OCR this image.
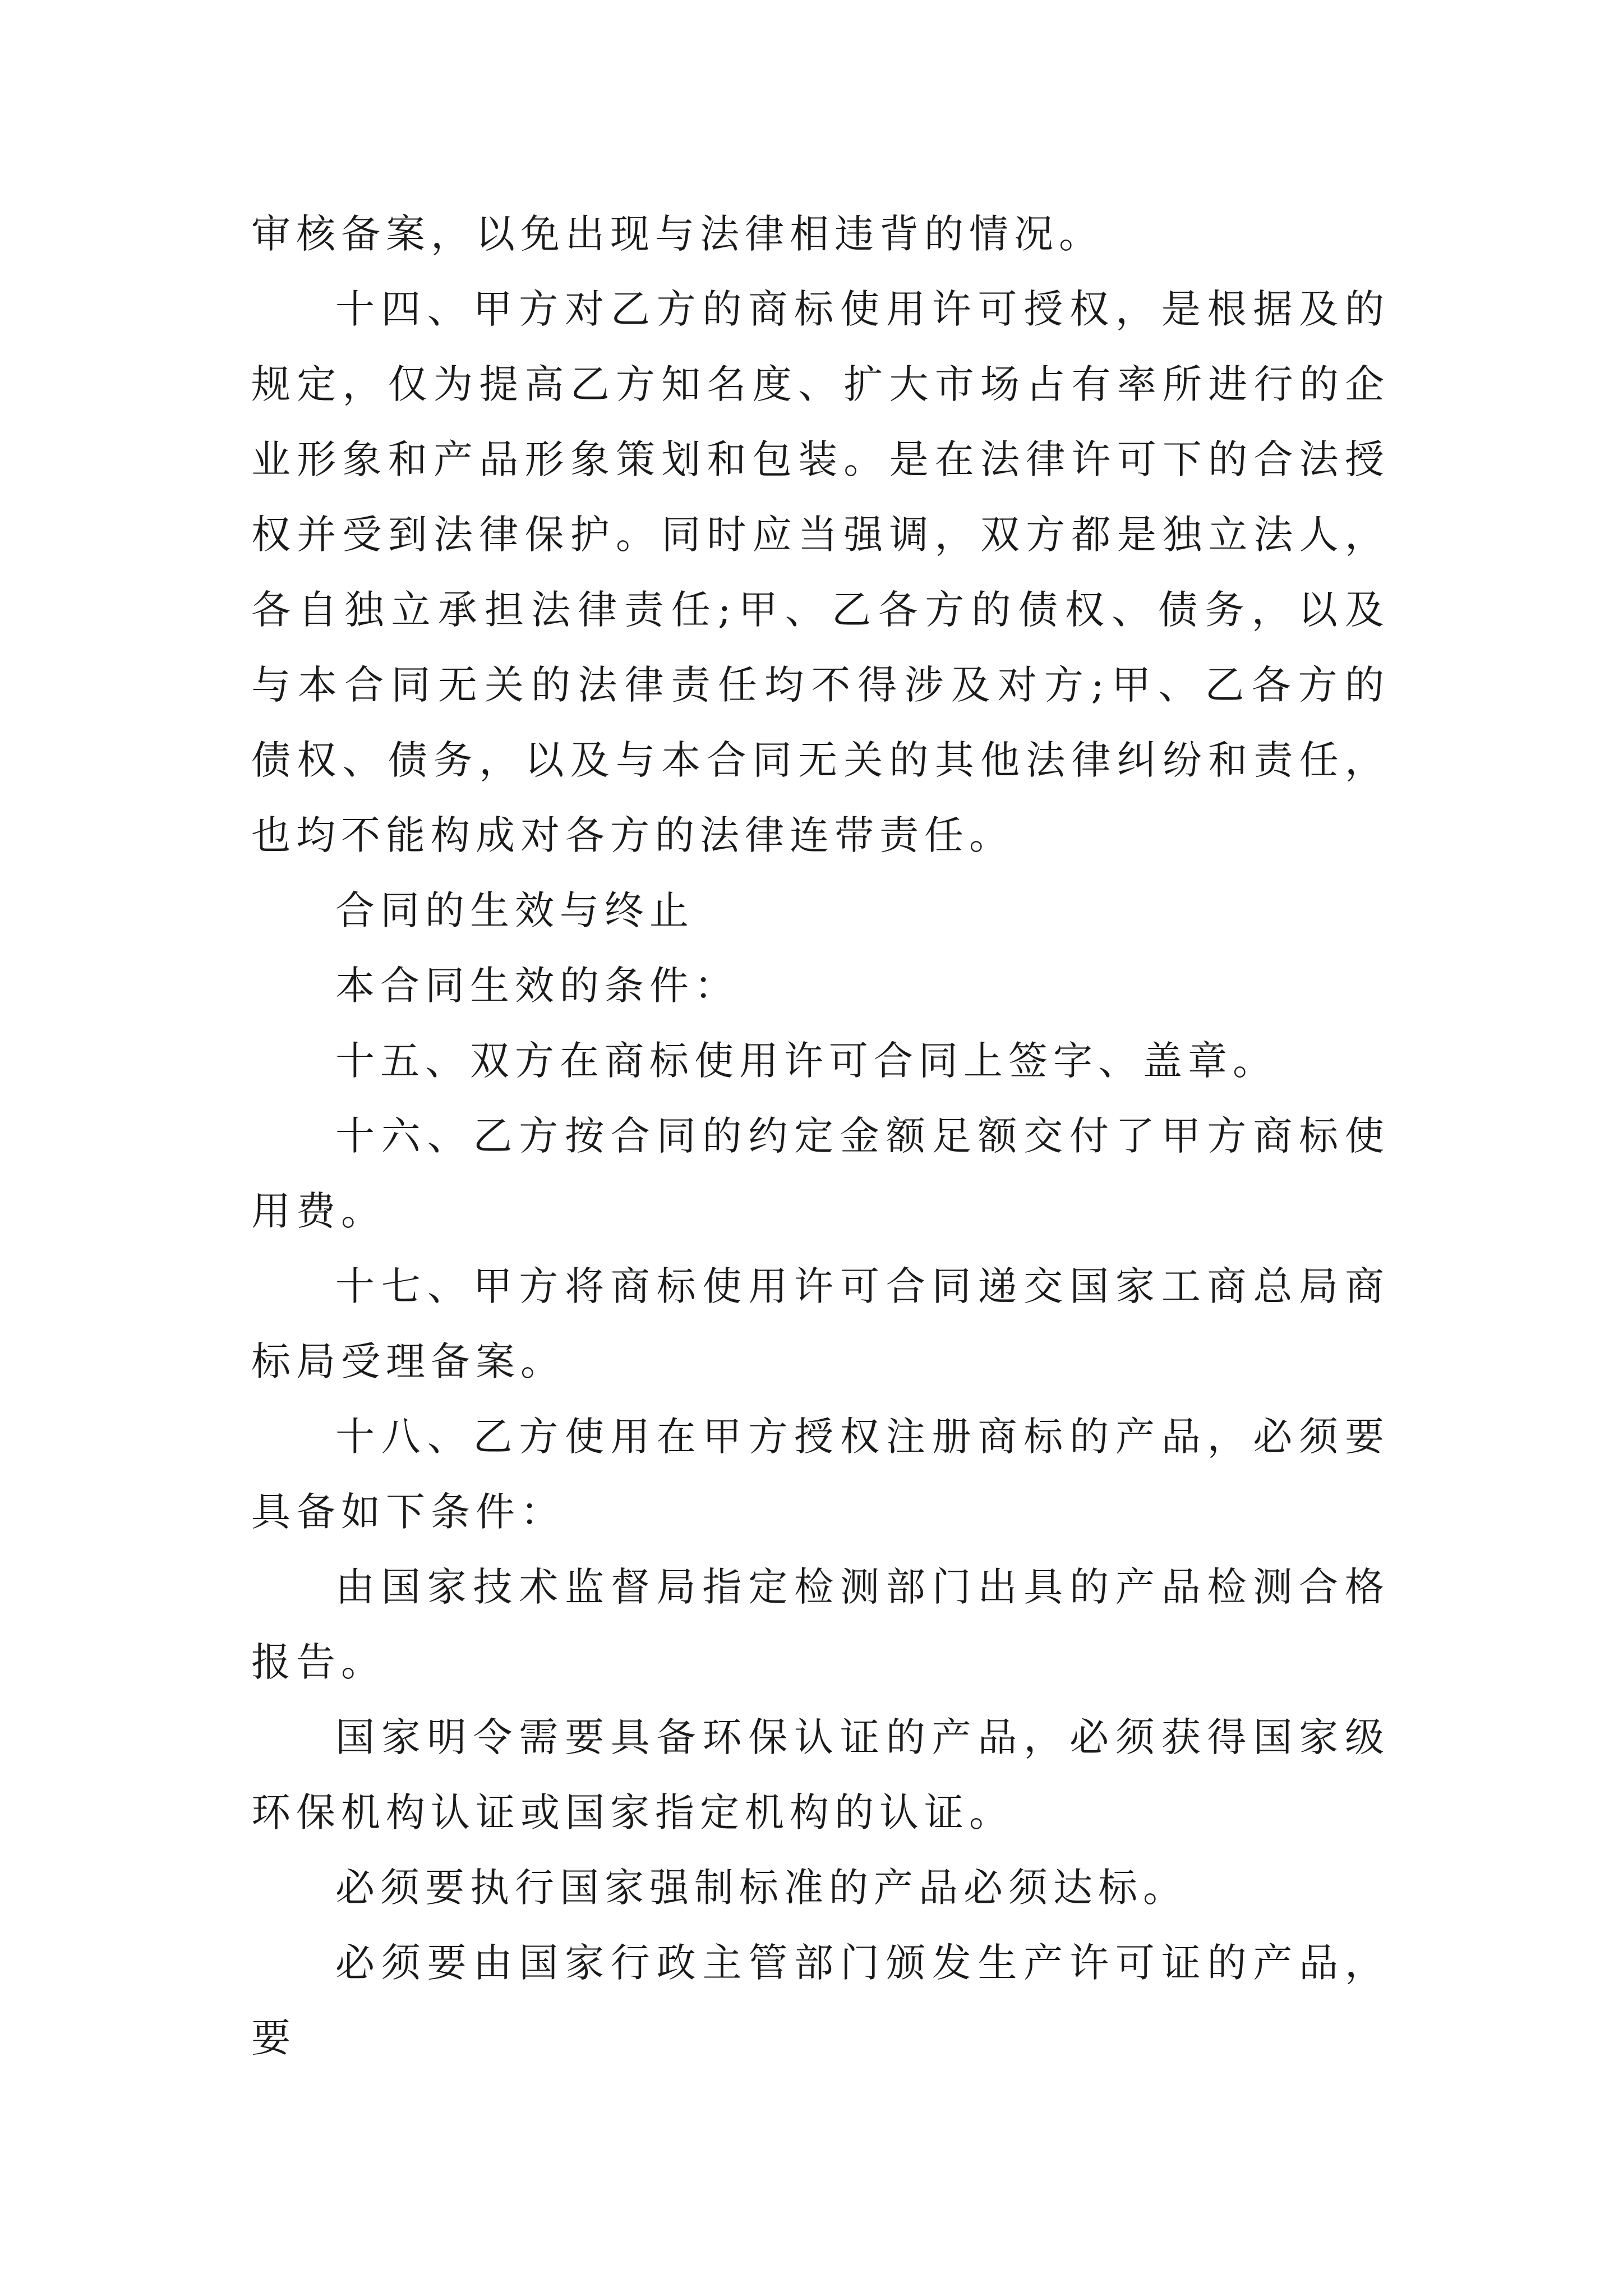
审核备案，以免出现与法律相违背的情况。

十四、甲方对乙方的商标使用许可授权，是根据及的规定，仅为提高乙方知名度、扩大市场占有率所进行的企业形象和产品形象策划和包装。是在法律许可下的合法授权并受到法律保护。同时应当强调，双方都是独立法人，各自独立承担法律责任;甲、乙各方的债权、债务，以及与本合同无关的法律责任均不得涉及对方;甲、乙各方的债权、债务，以及与本合同无关的其他法律纠纷和责任，也均不能构成对各方的法律连带责任。

合同的生效与终止

本合同生效的条件：

十五、双方在商标使用许可合同上签字、盖章。

十六、乙方按合同的约定金额足额交付了甲方商标使用费。

十七、甲方将商标使用许可合同递交国家工商总局商标局受理备案。

十八、乙方使用在甲方授权注册商标的产品，必须要具备如下条件：

由国家技术监督局指定检测部门出具的产品检测合格报告。

国家明令需要具备环保认证的产品，必须获得国家级环保机构认证或国家指定机构的认证。

必须要执行国家强制标准的产品必须达标。

必须要由国家行政主管部门颁发生产许可证的产品，要
